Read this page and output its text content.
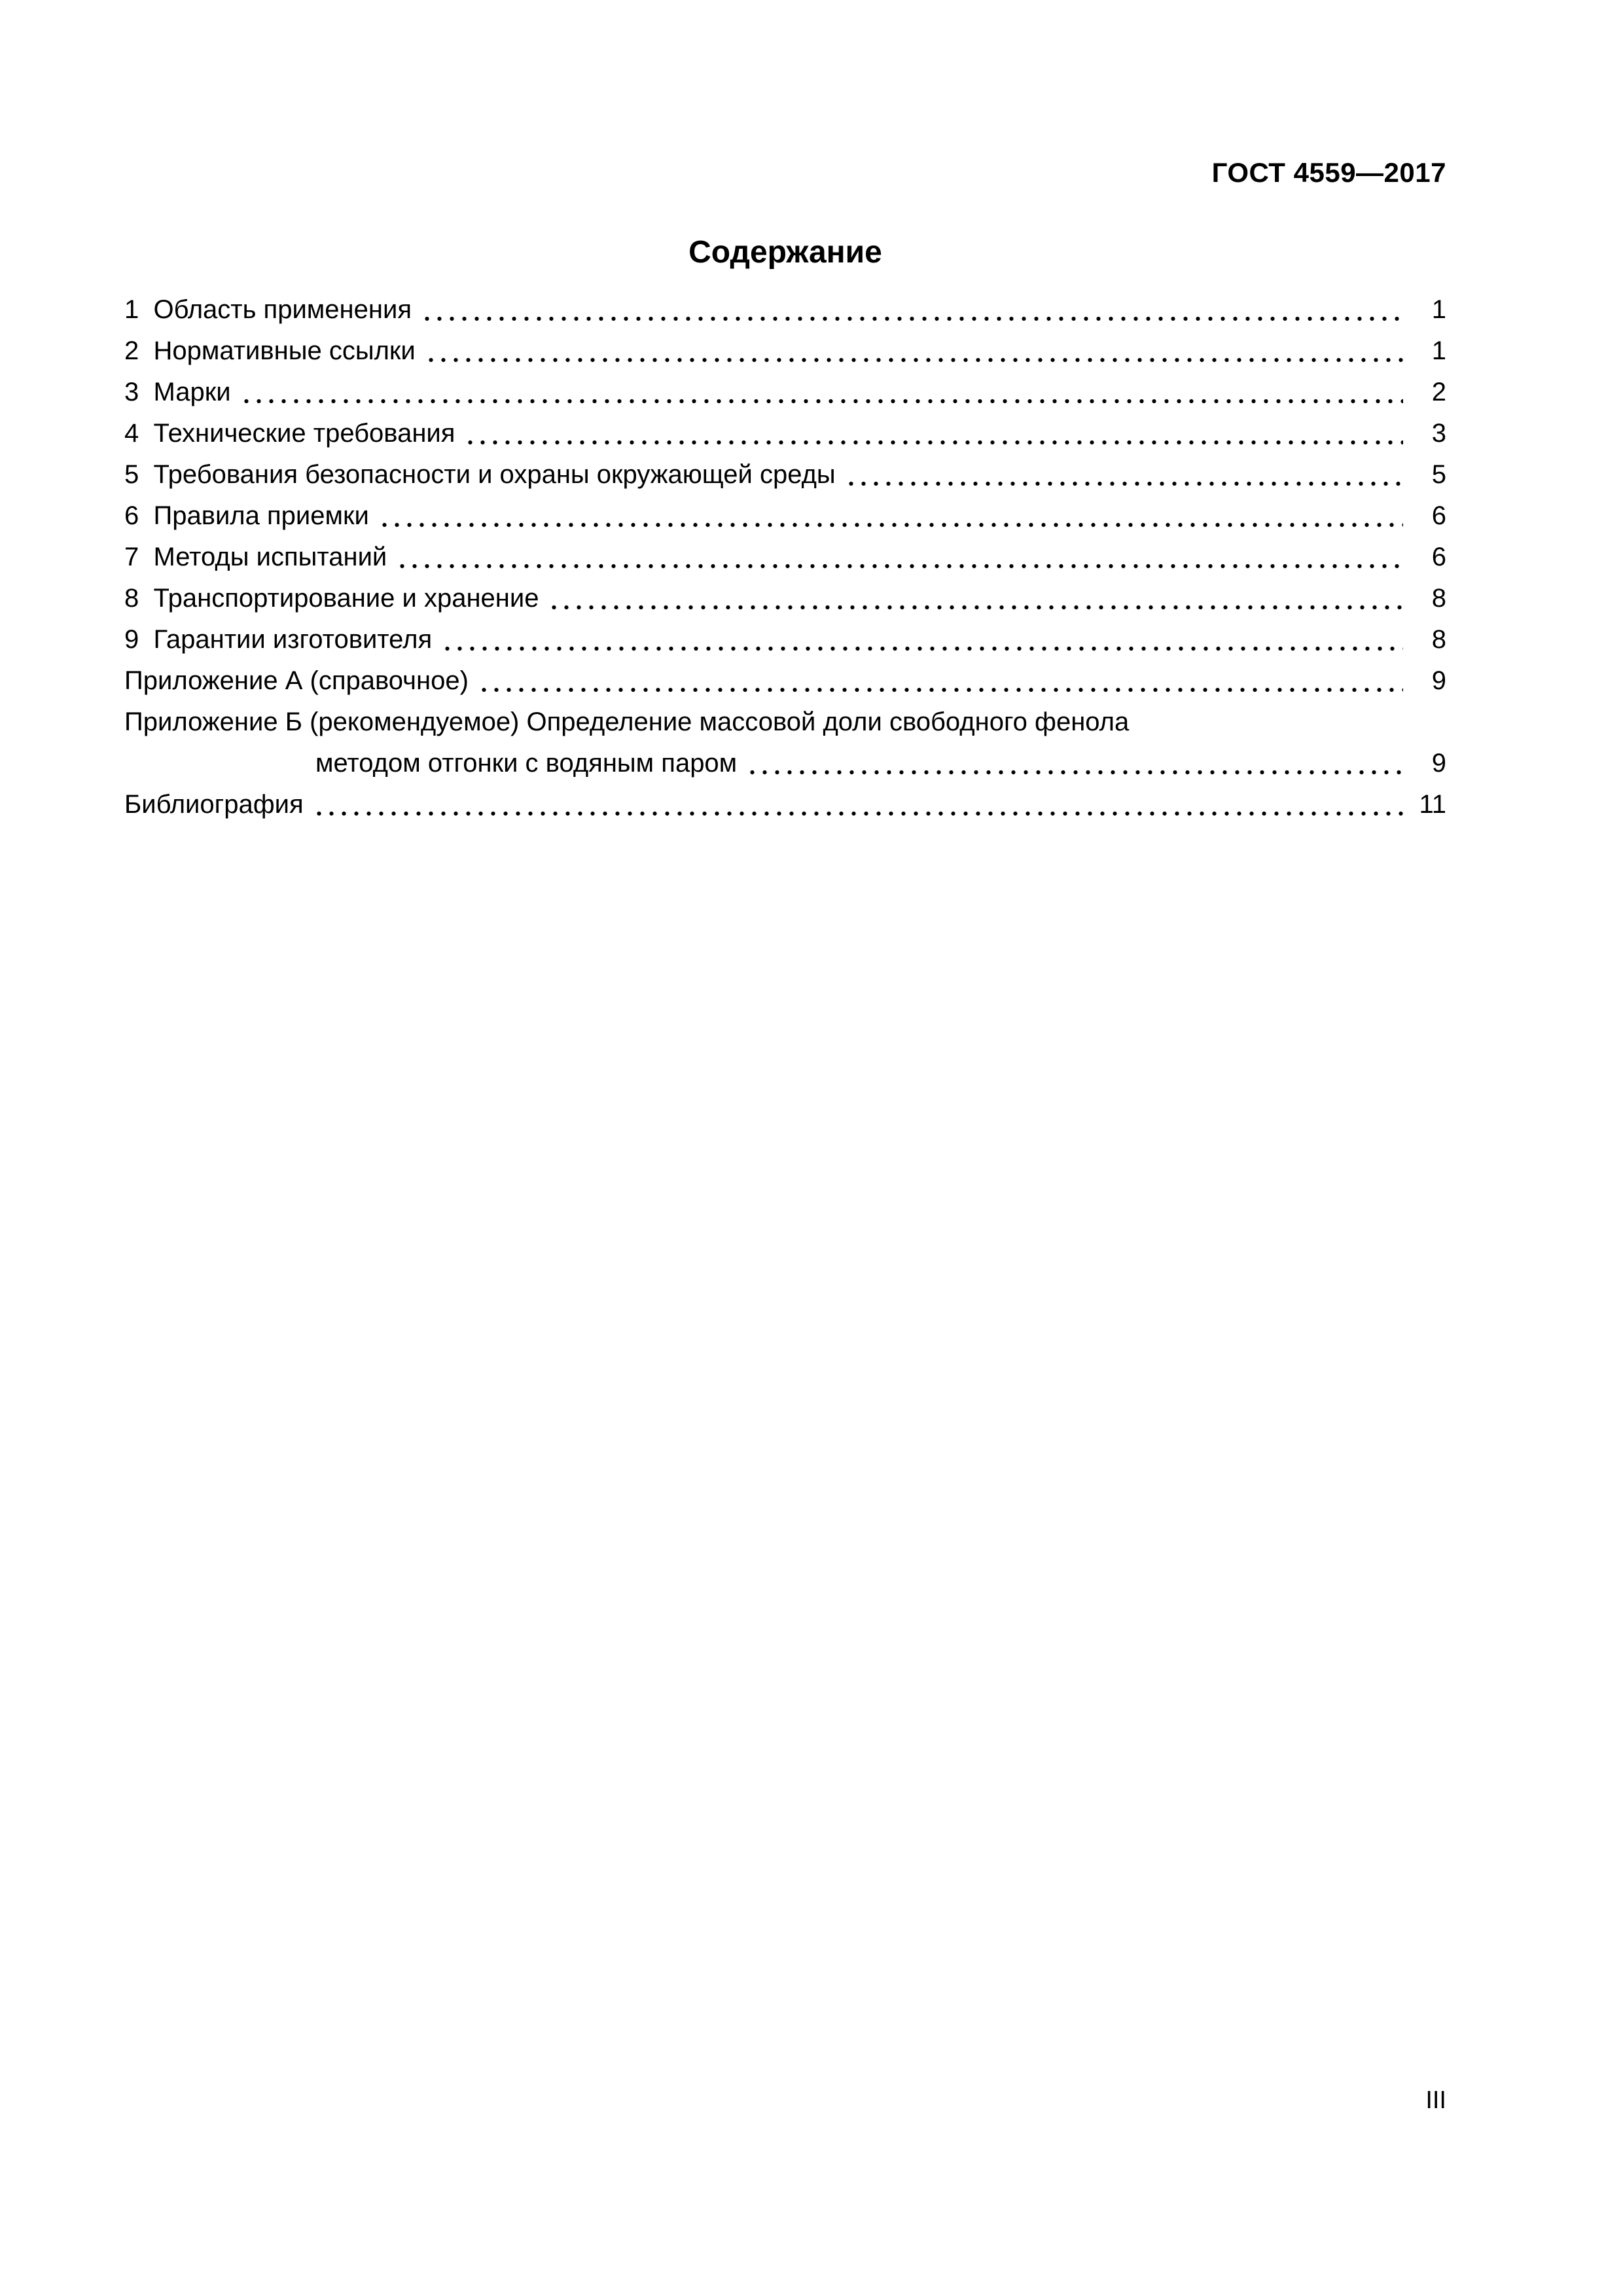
ГОСТ 4559—2017
Содержание
1  Область применения	1
2  Нормативные ссылки	1
3  Марки	2
4  Технические требования	3
5  Требования безопасности и охраны окружающей среды	5
6  Правила приемки	6
7  Методы испытаний	6
8  Транспортирование и хранение	8
9  Гарантии изготовителя	8
Приложение А (справочное)	9
Приложение Б (рекомендуемое) Определение массовой доли свободного фенола
методом отгонки с водяным паром	9
Библиография	11
III
